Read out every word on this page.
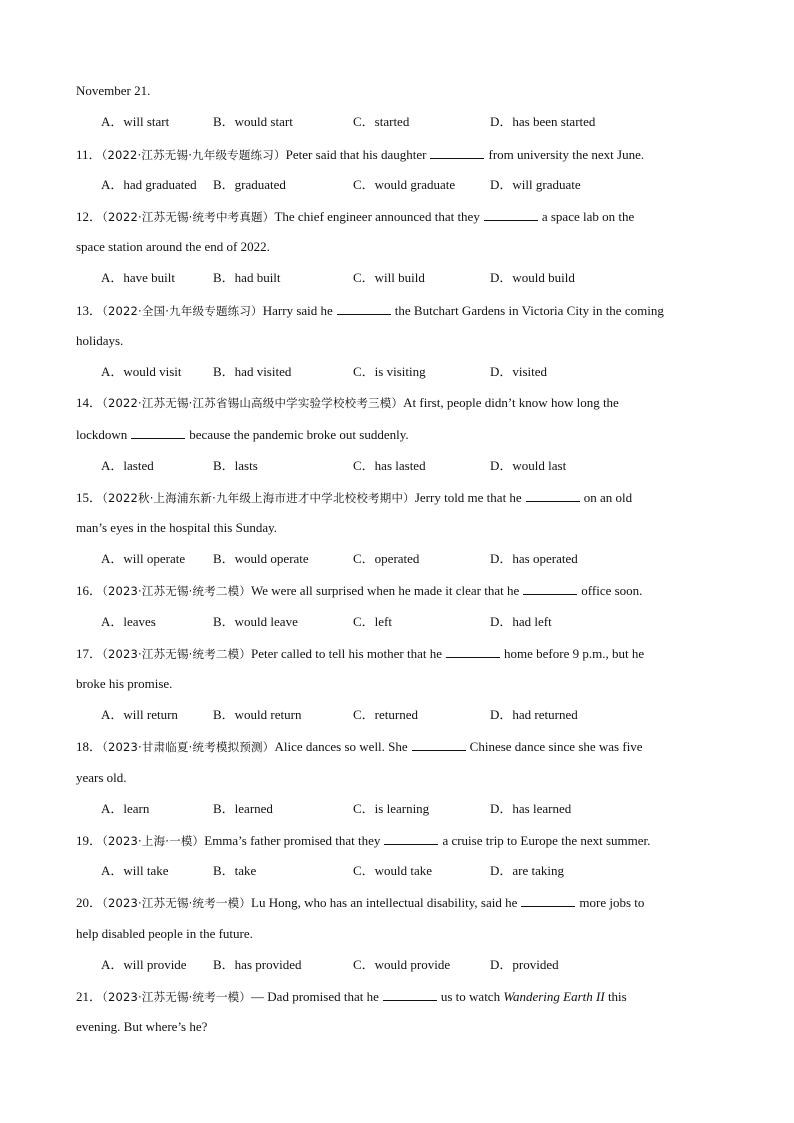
November 21.
A．will start	B．would start	C．started	D．has been started
11．（2022·江苏无锡·九年级专题练习）Peter said that his daughter	from university the next June.
A．had graduated B．graduated	C．would graduate	D．will graduate
12．（2022·江苏无锡·统考中考真题）The chief engineer announced that they	a space lab on the
space station around the end of 2022.
A．have built	B．had built	C．will build	D．would build
13．（2022·全国·九年级专题练习）Harry said he	the Butchart Gardens in Victoria City in the coming
holidays.
A．would visit B．had visited	C．is visiting	D．visited
14．（2022·江苏无锡·江苏省锡山高级中学实验学校校考三模）At first, people didn’t know how long the
lockdown	because the pandemic broke out suddenly.
A．lasted	B．lasts	C．has lasted	D．would last
15．（2022秋·上海浦东新·九年级上海市进才中学北校校考期中）Jerry told me that he	on an old
man’s eyes in the hospital this Sunday.
A．will operate B．would operate	C．operated	D．has operated
16．（2023·江苏无锡·统考二模）We were all surprised when he made it clear that he	office soon.
A．leaves	B．would leave	C．left	D．had left
17．（2023·江苏无锡·统考二模）Peter called to tell his mother that he	home before 9 p.m., but he
broke his promise.
A．will return	B．would return	C．returned	D．had returned
18．（2023·甘肃临夏·统考模拟预测）Alice dances so well. She	Chinese dance since she was five
years old.
A．learn	B．learned	C．is learning	D．has learned
19．（2023·上海·一模）Emma’s father promised that they	a cruise trip to Europe the next summer.
A．will take	B．take	C．would take	D．are taking
20．（2023·江苏无锡·统考一模）Lu Hong, who has an intellectual disability, said he	more jobs to
help disabled people in the future.
A．will provide B．has provided	C．would provide	D．provided
21．（2023·江苏无锡·统考一模）— Dad promised that he	us to watch Wandering Earth II this
evening. But where’s he?
